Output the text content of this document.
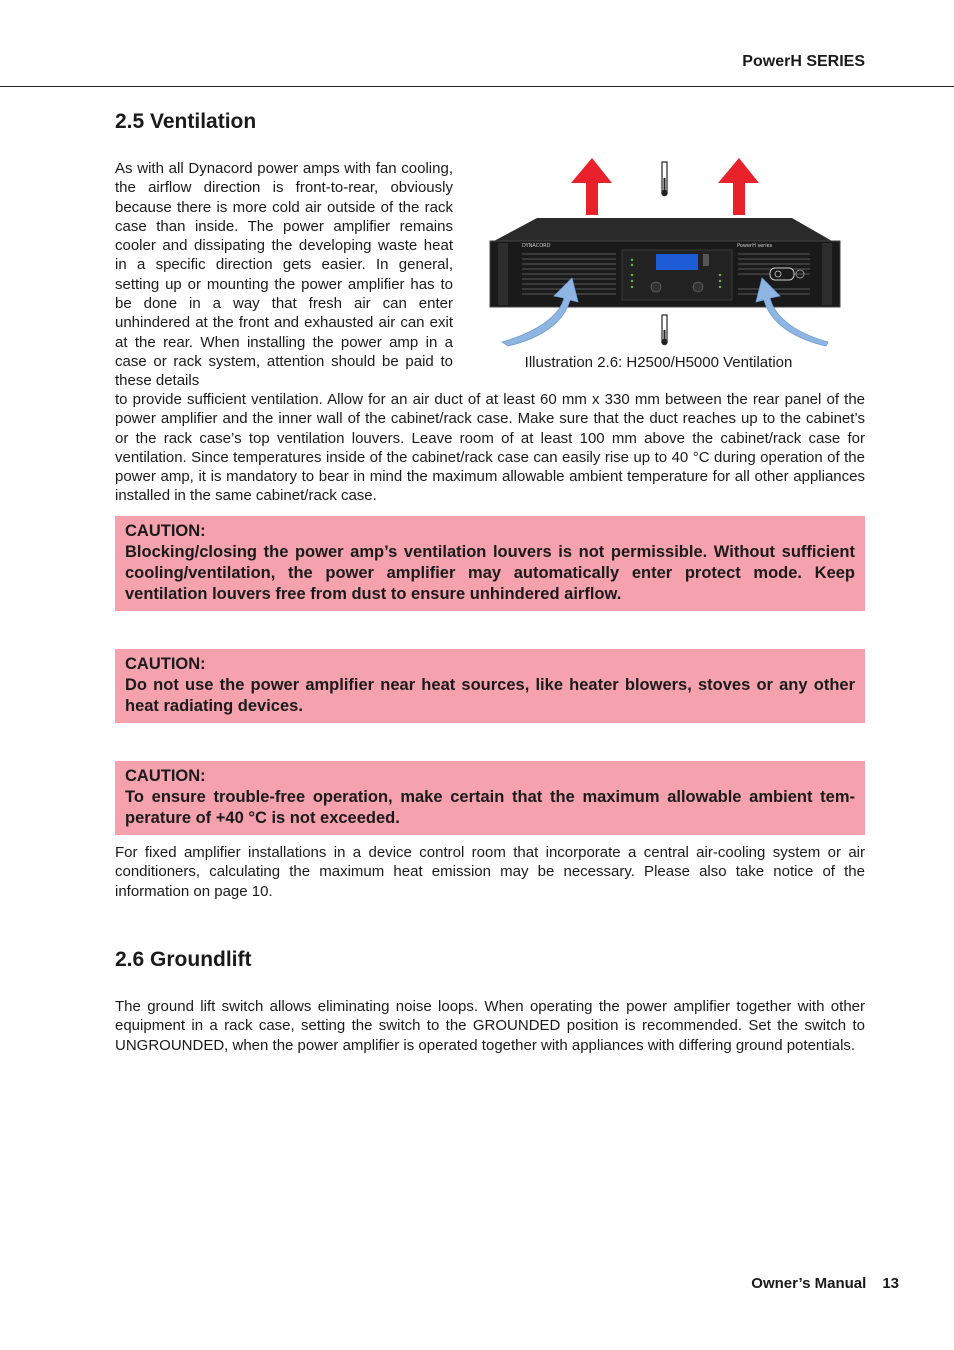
PowerH SERIES
2.5 Ventilation

As with all Dynacord power amps with fan cooling, the airflow direction is front-to-rear, obviously because there is more cold air outside of the rack case than inside. The power amplifier remains cooler and dissipating the developing waste heat in a specific direction gets easier. In general, setting up or mounting the power amplifier has to be done in a way that fresh air can enter unhindered at the front and exhausted air can exit at the rear. When installing the power amp in a case or rack system, attention should be paid to these details

DYNACORD	PowerH series
Illustration 2.6: H2500/H5000 Ventilation

to provide sufficient ventilation. Allow for an air duct of at least 60 mm x 330 mm between the rear panel of the power amplifier and the inner wall of the cabinet/rack case. Make sure that the duct reaches up to the cabinet’s or the rack case’s top ventilation louvers. Leave room of at least 100 mm above the cabinet/rack case for ventilation. Since temperatures inside of the cabinet/rack case can easily rise up to 40 °C during operation of the power amp, it is mandatory to bear in mind the maximum allowable ambient temperature for all other appliances installed in the same cabinet/rack case.

CAUTION:

Blocking/closing the power amp’s ventilation louvers is not permissible. Without sufficient cooling/ventilation, the power amplifier may automatically enter protect mode. Keep ventilation louvers free from dust to ensure unhindered airflow.

CAUTION:

Do not use the power amplifier near heat sources, like heater blowers, stoves or any other heat radiating devices.

CAUTION:

To ensure trouble-free operation, make certain that the maximum allowable ambient tem-perature of +40 °C is not exceeded.

For fixed amplifier installations in a device control room that incorporate a central air-cooling system or air conditioners, calculating the maximum heat emission may be necessary. Please also take notice of the information on page 10.

2.6 Groundlift

The ground lift switch allows eliminating noise loops. When operating the power amplifier together with other equipment in a rack case, setting the switch to the GROUNDED position is recommended. Set the switch to UNGROUNDED, when the power amplifier is operated together with appliances with differing ground potentials.

Owner’s Manual 13
